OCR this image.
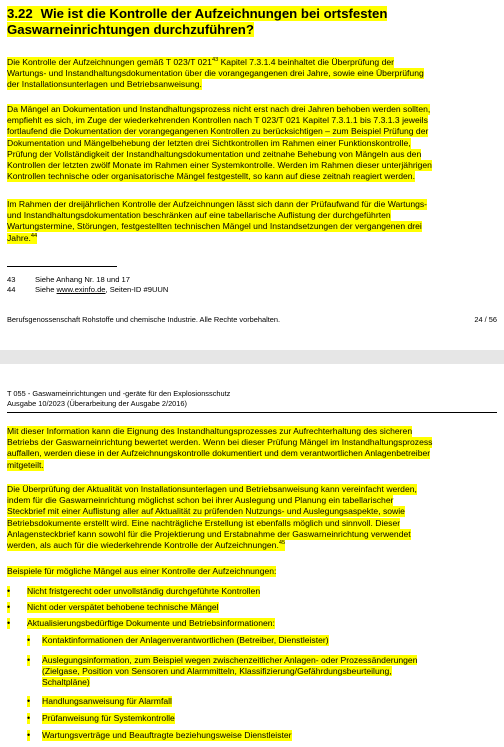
3.22 Wie ist die Kontrolle der Aufzeichnungen bei ortsfesten
Gaswarneinrichtungen durchzuführen?
Die Kontrolle der Aufzeichnungen gemäß T 023/T $021^{43}$ Kapitel 7.3.1.4 beinhaltet die Überprüfung der
Wartungs- und Instandhaltungsdokumentation über die vorangegangenen drei Jahre, sowie eine Überprüfung
der Installationsunterlagen und Betriebsanweisung.
Da Mängel an Dokumentation und Instandhaltungsprozess nicht erst nach drei Jahren behoben werden sollten,
empfiehlt es sich, im Zuge der wiederkehrenden Kontrollen nach T 023/T 021 Kapitel 7.3.1.1 bis 7.3.1.3 jeweils
fortlaufend die Dokumentation der vorangegangenen Kontrollen zu berücksichtigen – zum Beispiel Prüfung der
Dokumentation und Mängelbehebung der letzten drei Sichtkontrollen im Rahmen einer Funktionskontrolle,
Prüfung der Vollständigkeit der Instandhaltungsdokumentation und zeitnahe Behebung von Mängeln aus den
Kontrollen der letzten zwölf Monate im Rahmen einer Systemkontrolle. Werden im Rahmen dieser unterjährigen
Kontrollen technische oder organisatorische Mängel festgestellt, so kann auf diese zeitnah reagiert werden.
Im Rahmen der dreijährlichen Kontrolle der Aufzeichnungen lässt sich dann der Prüfaufwand für die Wartungs-
und Instandhaltungsdokumentation beschränken auf eine tabellarische Auflistung der durchgeführten
Wartungstermine, Störungen, festgestellten technischen Mängel und Instandsetzungen der vergangenen drei
Jahre.$^{44}$
43	Siehe Anhang Nr. 18 und 17
44	Siehe www.exinfo.de, Seiten-ID #9UUN
Berufsgenossenschaft Rohstoffe und chemische Industrie. Alle Rechte vorbehalten.	24 / 56
T 055 - Gaswarneinrichtungen und -geräte für den Explosionsschutz
Ausgabe 10/2023 (Überarbeitung der Ausgabe 2/2016)
Mit dieser Information kann die Eignung des Instandhaltungsprozesses zur Aufrechterhaltung des sicheren
Betriebs der Gaswarneinrichtung bewertet werden. Wenn bei dieser Prüfung Mängel im Instandhaltungsprozess
auffallen, werden diese in der Aufzeichnungskontrolle dokumentiert und dem verantwortlichen Anlagenbetreiber
mitgeteilt.
Die Überprüfung der Aktualität von Installationsunterlagen und Betriebsanweisung kann vereinfacht werden,
indem für die Gaswarneinrichtung möglichst schon bei ihrer Auslegung und Planung ein tabellarischer
Steckbrief mit einer Auflistung aller auf Aktualität zu prüfenden Nutzungs- und Auslegungsaspekte, sowie
Betriebsdokumente erstellt wird. Eine nachträgliche Erstellung ist ebenfalls möglich und sinnvoll. Dieser
Anlagensteckbrief kann sowohl für die Projektierung und Erstabnahme der Gaswarneinrichtung verwendet
werden, als auch für die wiederkehrende Kontrolle der Aufzeichnungen.$^{45}$
Beispiele für mögliche Mängel aus einer Kontrolle der Aufzeichnungen:
• Nicht fristgerecht oder unvollständig durchgeführte Kontrollen
• Nicht oder verspätet behobene technische Mängel
• Aktualisierungsbedürftige Dokumente und Betriebsinformationen:
• Kontaktinformationen der Anlagenverantwortlichen (Betreiber, Dienstleister)
• Auslegungsinformation, zum Beispiel wegen zwischenzeitlicher Anlagen- oder Prozessänderungen
(Zielgase, Position von Sensoren und Alarmmitteln, Klassifizierung/Gefährdungsbeurteilung,
Schaltpläne)
• Handlungsanweisung für Alarmfall
• Prüfanweisung für Systemkontrolle
• Wartungsverträge und Beauftragte beziehungsweise Dienstleister
